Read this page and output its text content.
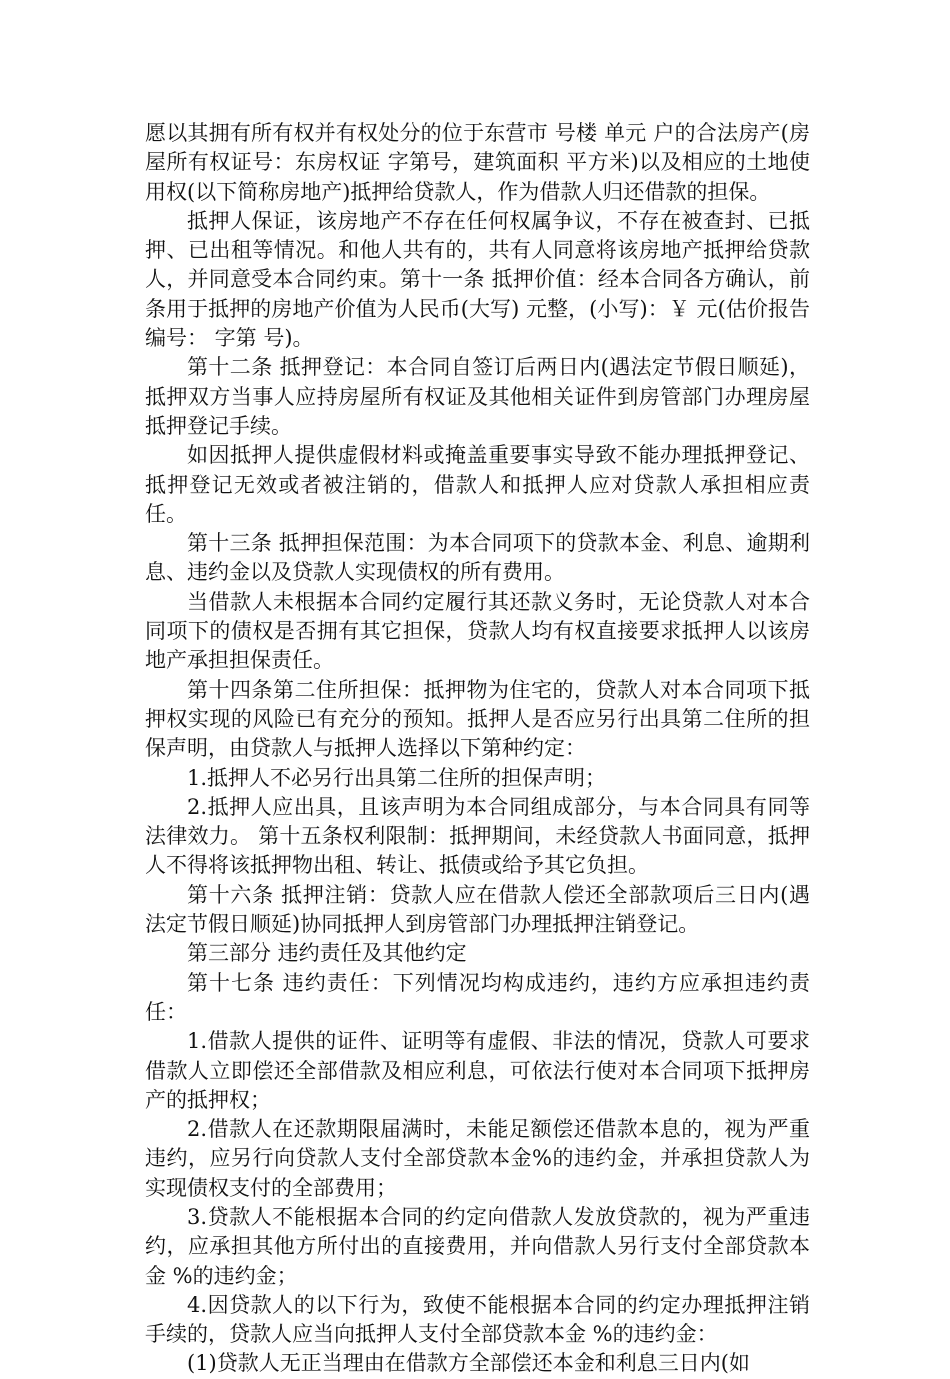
愿以其拥有所有权并有权处分的位于东营市 号楼 单元 户的合法房产(房屋所有权证号：东房权证 字第号，建筑面积 平方米)以及相应的土地使用权(以下简称房地产)抵押给贷款人，作为借款人归还借款的担保。

抵押人保证，该房地产不存在任何权属争议，不存在被查封、已抵押、已出租等情况。和他人共有的，共有人同意将该房地产抵押给贷款人，并同意受本合同约束。第十一条 抵押价值：经本合同各方确认，前条用于抵押的房地产价值为人民币(大写) 元整，(小写)：￥ 元(估价报告编号： 字第 号)。

第十二条 抵押登记：本合同自签订后两日内(遇法定节假日顺延)，抵押双方当事人应持房屋所有权证及其他相关证件到房管部门办理房屋抵押登记手续。

如因抵押人提供虚假材料或掩盖重要事实导致不能办理抵押登记、抵押登记无效或者被注销的，借款人和抵押人应对贷款人承担相应责任。

第十三条 抵押担保范围：为本合同项下的贷款本金、利息、逾期利息、违约金以及贷款人实现债权的所有费用。

当借款人未根据本合同约定履行其还款义务时，无论贷款人对本合同项下的债权是否拥有其它担保，贷款人均有权直接要求抵押人以该房地产承担担保责任。

第十四条第二住所担保：抵押物为住宅的，贷款人对本合同项下抵押权实现的风险已有充分的预知。抵押人是否应另行出具第二住所的担保声明，由贷款人与抵押人选择以下第种约定：

1.抵押人不必另行出具第二住所的担保声明；

2.抵押人应出具，且该声明为本合同组成部分，与本合同具有同等法律效力。 第十五条权利限制：抵押期间，未经贷款人书面同意，抵押人不得将该抵押物出租、转让、抵债或给予其它负担。

第十六条 抵押注销：贷款人应在借款人偿还全部款项后三日内(遇法定节假日顺延)协同抵押人到房管部门办理抵押注销登记。

第三部分 违约责任及其他约定

第十七条 违约责任：下列情况均构成违约，违约方应承担违约责任：

1.借款人提供的证件、证明等有虚假、非法的情况，贷款人可要求借款人立即偿还全部借款及相应利息，可依法行使对本合同项下抵押房产的抵押权；

2.借款人在还款期限届满时，未能足额偿还借款本息的，视为严重违约，应另行向贷款人支付全部贷款本金%的违约金，并承担贷款人为实现债权支付的全部费用；

3.贷款人不能根据本合同的约定向借款人发放贷款的，视为严重违约，应承担其他方所付出的直接费用，并向借款人另行支付全部贷款本金 %的违约金；

4.因贷款人的以下行为，致使不能根据本合同的约定办理抵押注销手续的，贷款人应当向抵押人支付全部贷款本金 %的违约金：

(1)贷款人无正当理由在借款方全部偿还本金和利息三日内(如
